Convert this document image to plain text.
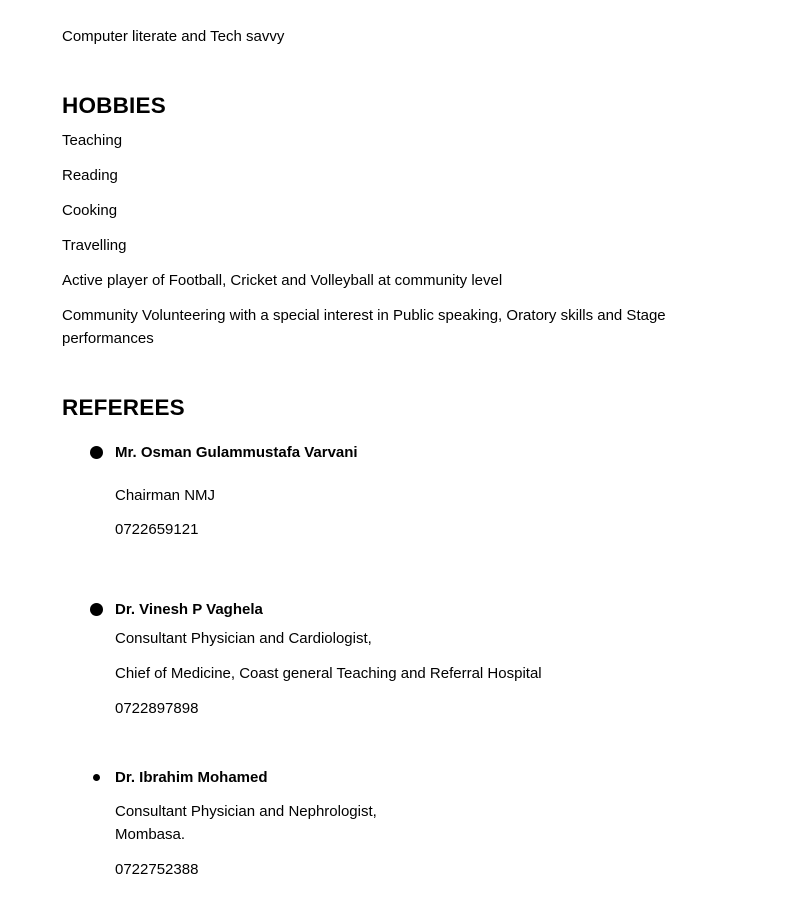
Computer literate and Tech savvy

HOBBIES

Teaching

Reading

Cooking

Travelling

Active player of Football, Cricket and Volleyball at community level

Community Volunteering with a special interest in Public speaking, Oratory skills and Stage performances

REFEREES
Mr. Osman Gulammustafa Varvani

Chairman NMJ

0722659121

Dr. Vinesh P Vaghela

Consultant Physician and Cardiologist,

Chief of Medicine, Coast general Teaching and Referral Hospital

0722897898

Dr. Ibrahim Mohamed

Consultant Physician and Nephrologist,

Mombasa.

0722752388
